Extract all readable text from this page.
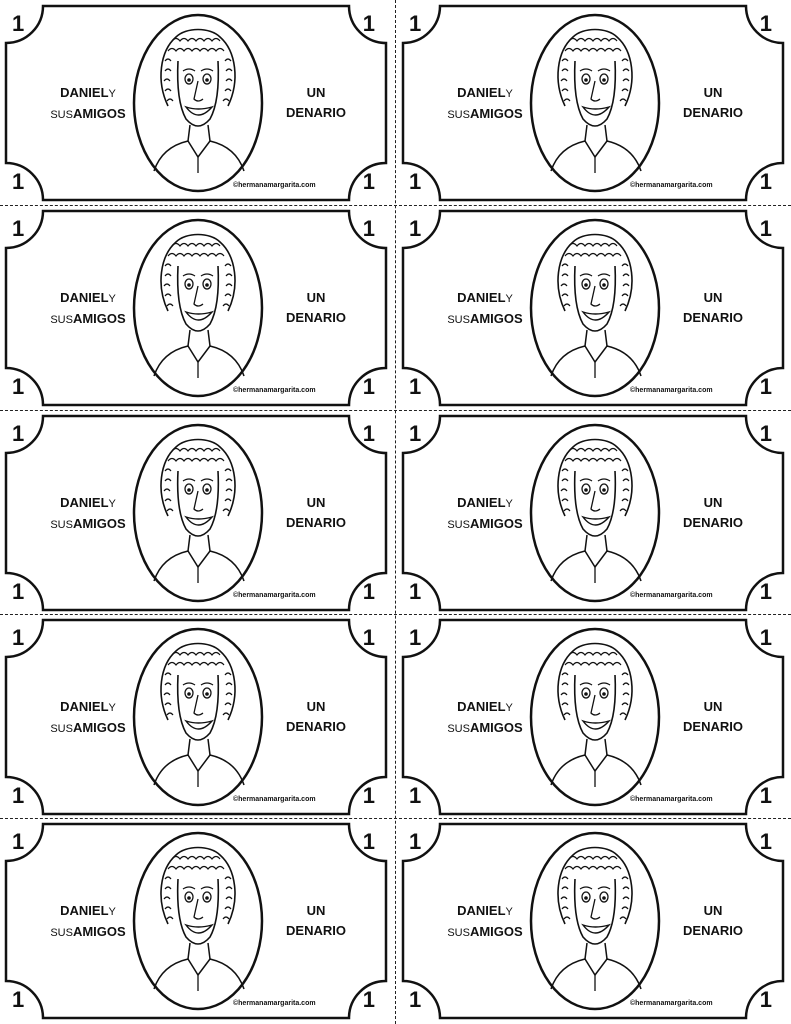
1	1
1	1
DANIELY
SUSAMIGOS
UN
DENARIO
©hermanamargarita.com
1	1
1	1
DANIELY
SUSAMIGOS
UN
DENARIO
©hermanamargarita.com
1	1
1	1
DANIELY
SUSAMIGOS
UN
DENARIO
©hermanamargarita.com
1	1
1	1
DANIELY
SUSAMIGOS
UN
DENARIO
©hermanamargarita.com
1	1
1	1
DANIELY
SUSAMIGOS
UN
DENARIO
©hermanamargarita.com
1	1
1	1
DANIELY
SUSAMIGOS
UN
DENARIO
©hermanamargarita.com
1	1
1	1
DANIELY
SUSAMIGOS
UN
DENARIO
©hermanamargarita.com
1	1
1	1
DANIELY
SUSAMIGOS
UN
DENARIO
©hermanamargarita.com
1	1
1	1
DANIELY
SUSAMIGOS
UN
DENARIO
©hermanamargarita.com
1	1
1	1
DANIELY
SUSAMIGOS
UN
DENARIO
©hermanamargarita.com
